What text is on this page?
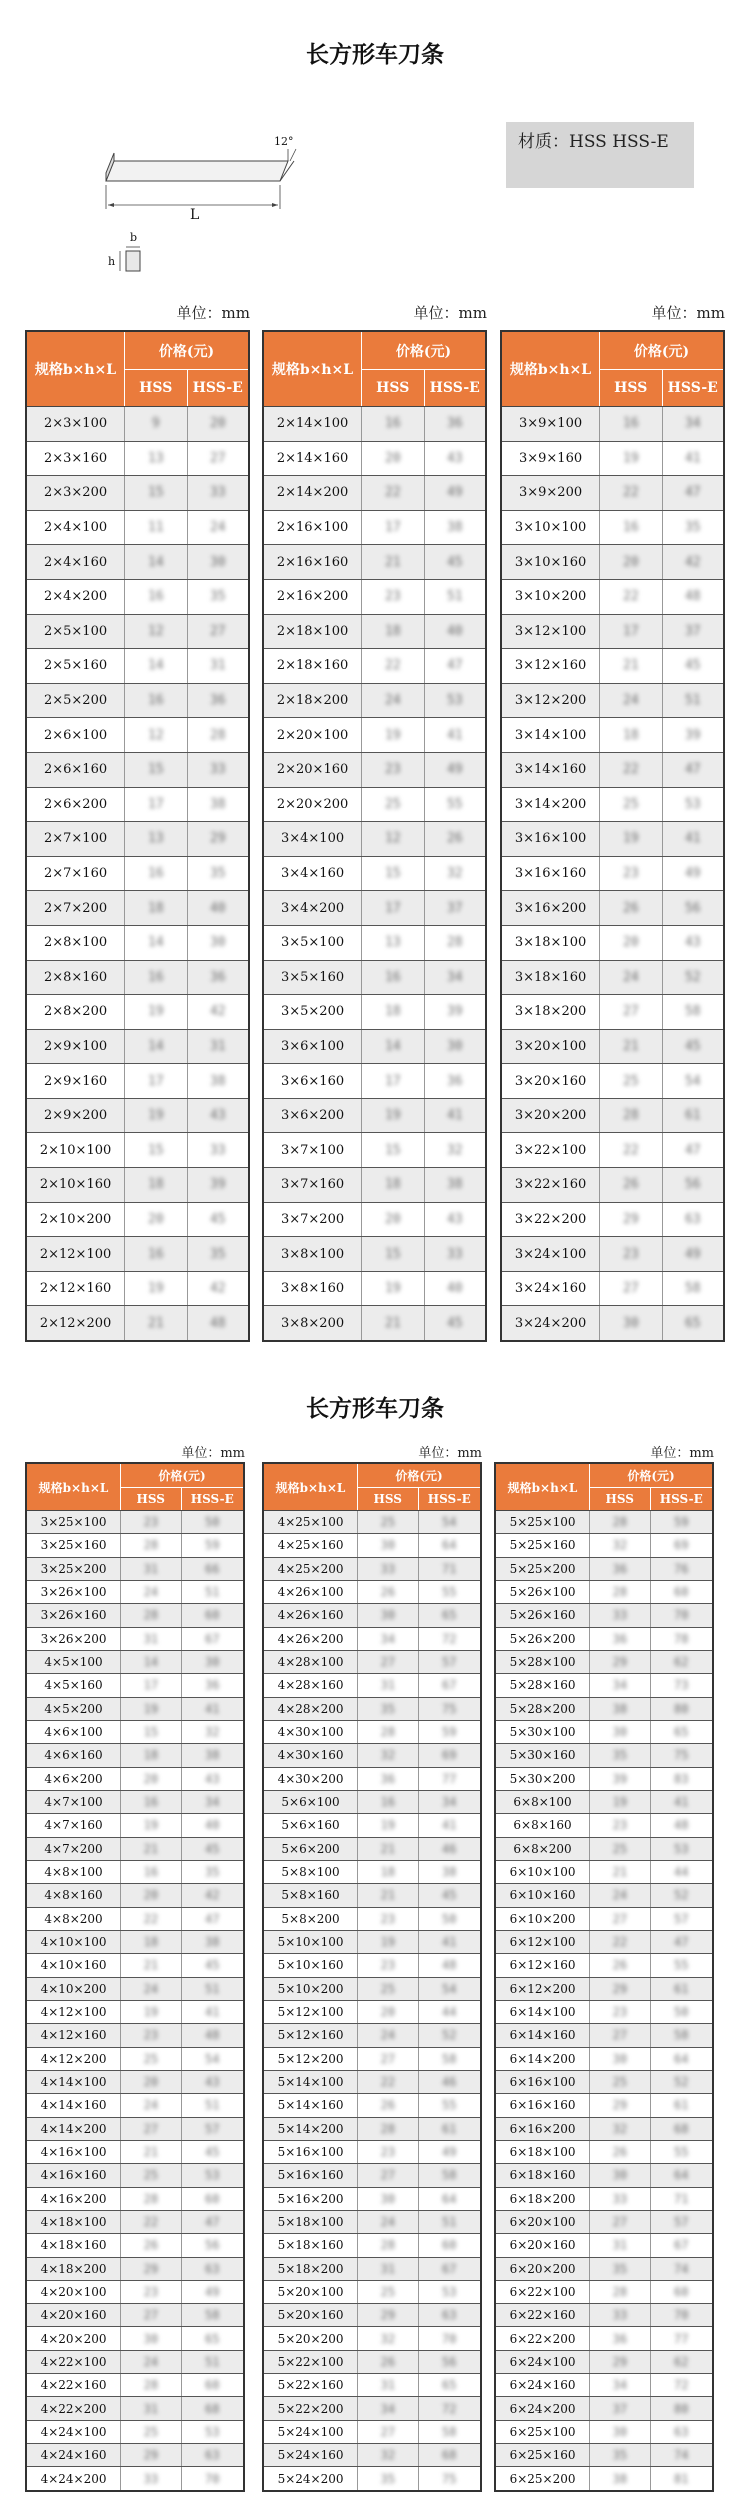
长方形车刀条
12°
L
b
h
材质：HSS HSS-E
单位：mm
规格b×h×L
价格(元)
HSS	HSS-E
2×3×100	9	20
2×3×160	13	27
2×3×200	15	33
2×4×100	11	24
2×4×160	14	30
2×4×200	16	35
2×5×100	12	27
2×5×160	14	31
2×5×200	16	36
2×6×100	12	28
2×6×160	15	33
2×6×200	17	38
2×7×100	13	29
2×7×160	16	35
2×7×200	18	40
2×8×100	14	30
2×8×160	16	36
2×8×200	19	42
2×9×100	14	31
2×9×160	17	38
2×9×200	19	43
2×10×100	15	33
2×10×160	18	39
2×10×200	20	45
2×12×100	16	35
2×12×160	19	42
2×12×200	21	48
单位：mm
规格b×h×L
价格(元)
HSS	HSS-E
2×14×100	16	36
2×14×160	20	43
2×14×200	22	49
2×16×100	17	38
2×16×160	21	45
2×16×200	23	51
2×18×100	18	40
2×18×160	22	47
2×18×200	24	53
2×20×100	19	41
2×20×160	23	49
2×20×200	25	55
3×4×100	12	26
3×4×160	15	32
3×4×200	17	37
3×5×100	13	28
3×5×160	16	34
3×5×200	18	39
3×6×100	14	30
3×6×160	17	36
3×6×200	19	41
3×7×100	15	32
3×7×160	18	38
3×7×200	20	43
3×8×100	15	33
3×8×160	19	40
3×8×200	21	45
单位：mm
规格b×h×L
价格(元)
HSS	HSS-E
3×9×100	16	34
3×9×160	19	41
3×9×200	22	47
3×10×100	16	35
3×10×160	20	42
3×10×200	22	48
3×12×100	17	37
3×12×160	21	45
3×12×200	24	51
3×14×100	18	39
3×14×160	22	47
3×14×200	25	53
3×16×100	19	41
3×16×160	23	49
3×16×200	26	56
3×18×100	20	43
3×18×160	24	52
3×18×200	27	58
3×20×100	21	45
3×20×160	25	54
3×20×200	28	61
3×22×100	22	47
3×22×160	26	56
3×22×200	29	63
3×24×100	23	49
3×24×160	27	58
3×24×200	30	65
长方形车刀条
单位：mm
规格b×h×L
价格(元)
HSS	HSS-E
3×25×100	23	50
3×25×160	28	59
3×25×200	31	66
3×26×100	24	51
3×26×160	28	60
3×26×200	31	67
4×5×100	14	30
4×5×160	17	36
4×5×200	19	41
4×6×100	15	32
4×6×160	18	38
4×6×200	20	43
4×7×100	16	34
4×7×160	19	40
4×7×200	21	45
4×8×100	16	35
4×8×160	20	42
4×8×200	22	47
4×10×100	18	38
4×10×160	21	45
4×10×200	24	51
4×12×100	19	41
4×12×160	23	48
4×12×200	25	54
4×14×100	20	43
4×14×160	24	51
4×14×200	27	57
4×16×100	21	45
4×16×160	25	53
4×16×200	28	60
4×18×100	22	47
4×18×160	26	56
4×18×200	29	63
4×20×100	23	49
4×20×160	27	58
4×20×200	30	65
4×22×100	24	51
4×22×160	28	60
4×22×200	31	68
4×24×100	25	53
4×24×160	29	63
4×24×200	33	70
单位：mm
规格b×h×L
价格(元)
HSS	HSS-E
4×25×100	25	54
4×25×160	30	64
4×25×200	33	71
4×26×100	26	55
4×26×160	30	65
4×26×200	34	72
4×28×100	27	57
4×28×160	31	67
4×28×200	35	75
4×30×100	28	59
4×30×160	32	69
4×30×200	36	77
5×6×100	16	34
5×6×160	19	41
5×6×200	21	46
5×8×100	18	38
5×8×160	21	45
5×8×200	23	50
5×10×100	19	41
5×10×160	23	48
5×10×200	25	54
5×12×100	20	44
5×12×160	24	52
5×12×200	27	58
5×14×100	22	46
5×14×160	26	55
5×14×200	28	61
5×16×100	23	49
5×16×160	27	58
5×16×200	30	64
5×18×100	24	51
5×18×160	28	60
5×18×200	31	67
5×20×100	25	53
5×20×160	29	63
5×20×200	32	70
5×22×100	26	56
5×22×160	31	65
5×22×200	34	72
5×24×100	27	58
5×24×160	32	68
5×24×200	35	75
单位：mm
规格b×h×L
价格(元)
HSS	HSS-E
5×25×100	28	59
5×25×160	32	69
5×25×200	36	76
5×26×100	28	60
5×26×160	33	70
5×26×200	36	78
5×28×100	29	62
5×28×160	34	73
5×28×200	38	80
5×30×100	30	65
5×30×160	35	75
5×30×200	39	83
6×8×100	19	41
6×8×160	23	48
6×8×200	25	53
6×10×100	21	44
6×10×160	24	52
6×10×200	27	57
6×12×100	22	47
6×12×160	26	55
6×12×200	29	61
6×14×100	23	50
6×14×160	27	58
6×14×200	30	64
6×16×100	25	52
6×16×160	29	61
6×16×200	32	68
6×18×100	26	55
6×18×160	30	64
6×18×200	33	71
6×20×100	27	57
6×20×160	31	67
6×20×200	35	74
6×22×100	28	60
6×22×160	33	70
6×22×200	36	77
6×24×100	29	62
6×24×160	34	72
6×24×200	37	80
6×25×100	30	63
6×25×160	35	74
6×25×200	38	81
